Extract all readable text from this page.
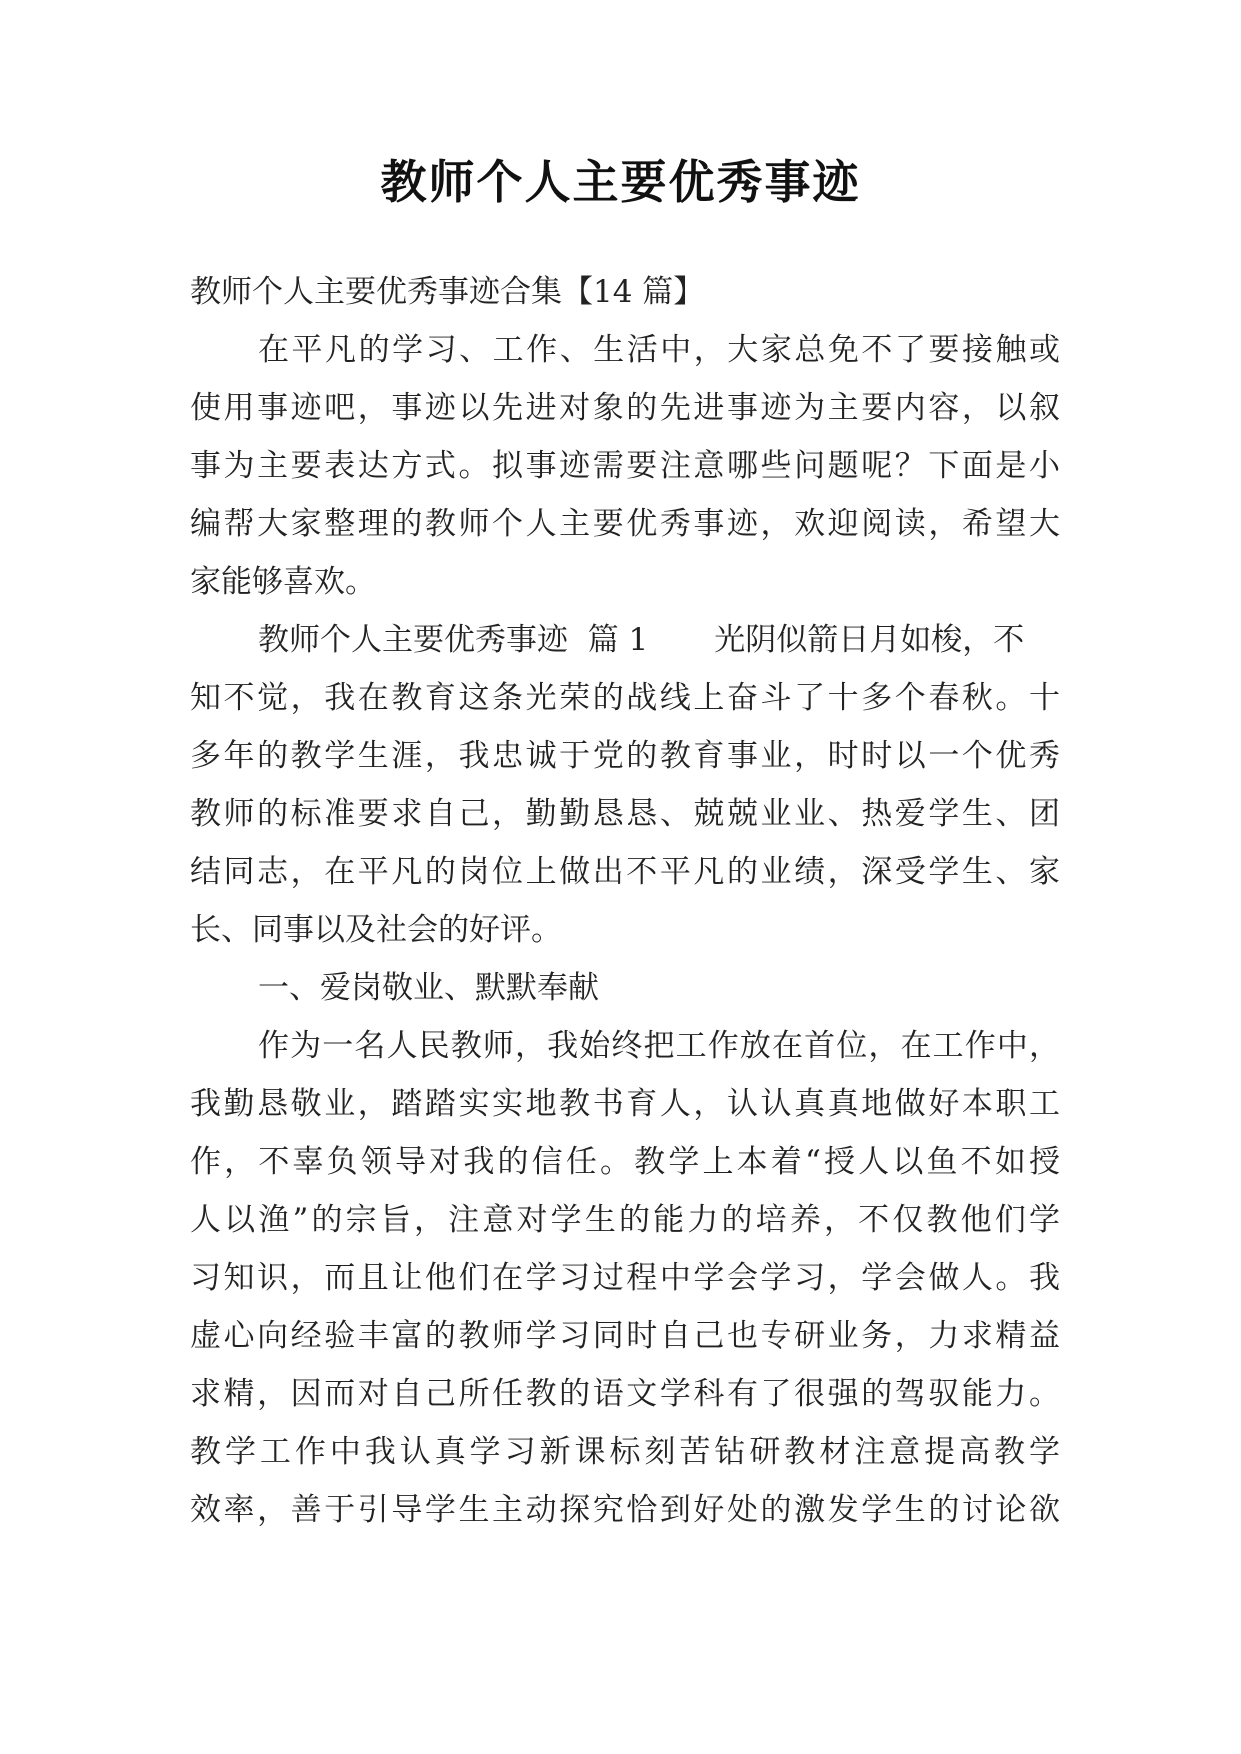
教师个人主要优秀事迹
教师个人主要优秀事迹合集【14 篇】
在平凡的学习、工作、生活中，大家总免不了要接触或
使用事迹吧，事迹以先进对象的先进事迹为主要内容，以叙
事为主要表达方式。拟事迹需要注意哪些问题呢？下面是小
编帮大家整理的教师个人主要优秀事迹，欢迎阅读，希望大
家能够喜欢。
教师个人主要优秀事迹  篇 1 光阴似箭日月如梭，不
知不觉，我在教育这条光荣的战线上奋斗了十多个春秋。十
多年的教学生涯，我忠诚于党的教育事业，时时以一个优秀
教师的标准要求自己，勤勤恳恳、兢兢业业、热爱学生、团
结同志，在平凡的岗位上做出不平凡的业绩，深受学生、家
长、同事以及社会的好评。
一、爱岗敬业、默默奉献
作为一名人民教师，我始终把工作放在首位，在工作中，
我勤恳敬业，踏踏实实地教书育人，认认真真地做好本职工
作，不辜负领导对我的信任。教学上本着“授人以鱼不如授
人以渔”的宗旨，注意对学生的能力的培养，不仅教他们学
习知识，而且让他们在学习过程中学会学习，学会做人。我
虚心向经验丰富的教师学习同时自己也专研业务，力求精益
求精，因而对自己所任教的语文学科有了很强的驾驭能力。
教学工作中我认真学习新课标刻苦钻研教材注意提高教学
效率，善于引导学生主动探究恰到好处的激发学生的讨论欲
